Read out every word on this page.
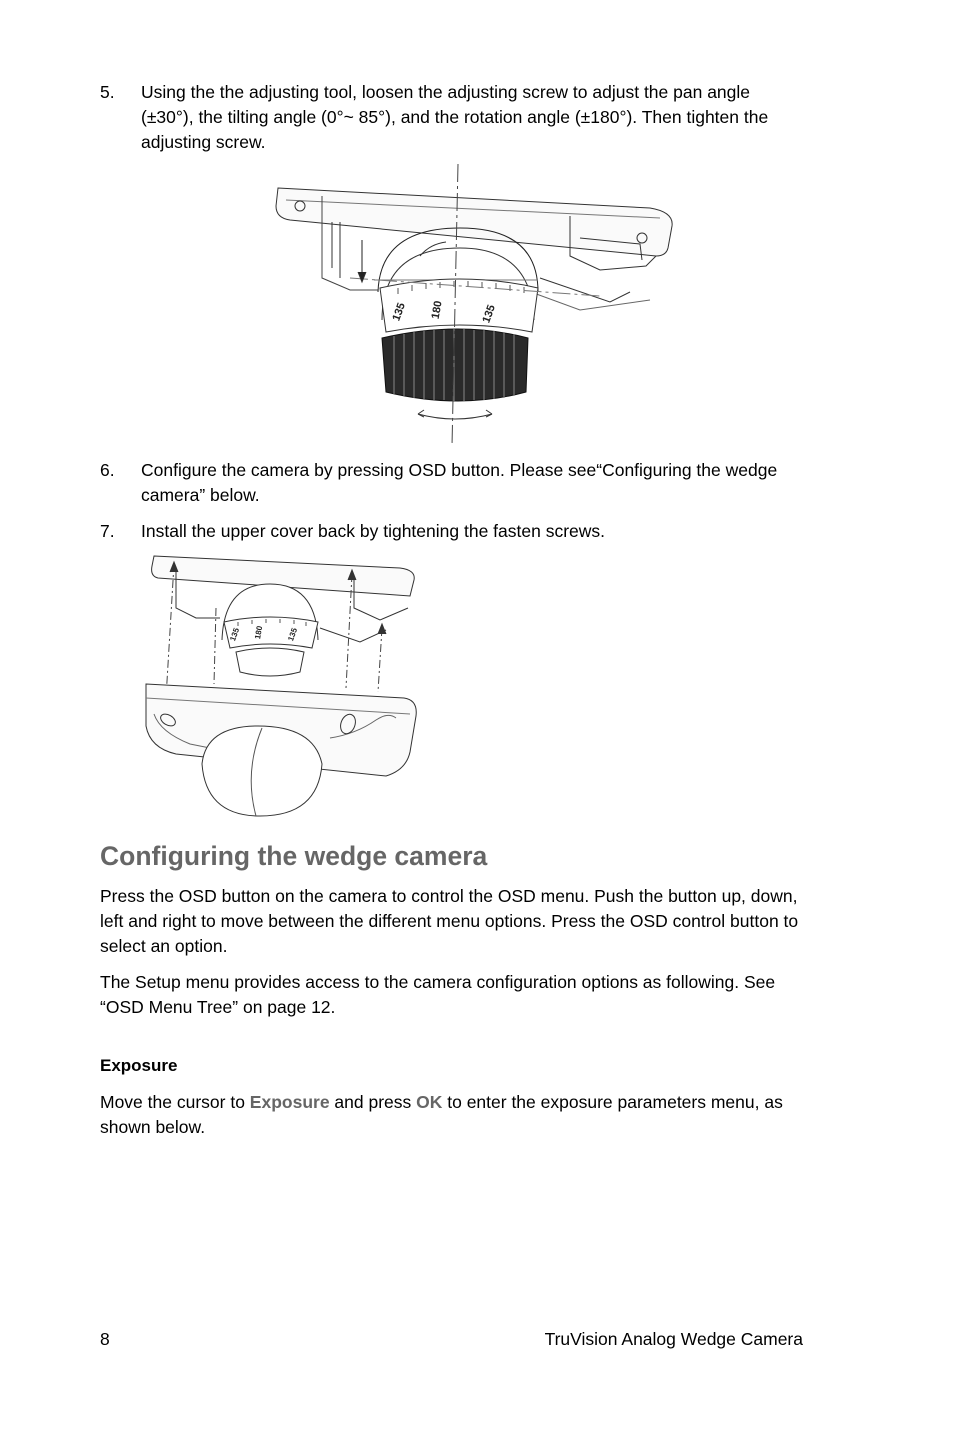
5. Using the the adjusting tool, loosen the adjusting screw to adjust the pan angle (±30°), the tilting angle (0°~ 85°), and the rotation angle (±180°). Then tighten the adjusting screw.
135 180	135
6. Configure the camera by pressing OSD button. Please see“Configuring the wedge camera” below.
7. Install the upper cover back by tightening the fasten screws.
135 180	135
Configuring the wedge camera

Press the OSD button on the camera to control the OSD menu. Push the button up, down, left and right to move between the different menu options. Press the OSD control button to select an option.

The Setup menu provides access to the camera configuration options as following. See “OSD Menu Tree” on page 12.

Exposure

Move the cursor to Exposure and press OK to enter the exposure parameters menu, as shown below.

8	TruVision Analog Wedge Camera
